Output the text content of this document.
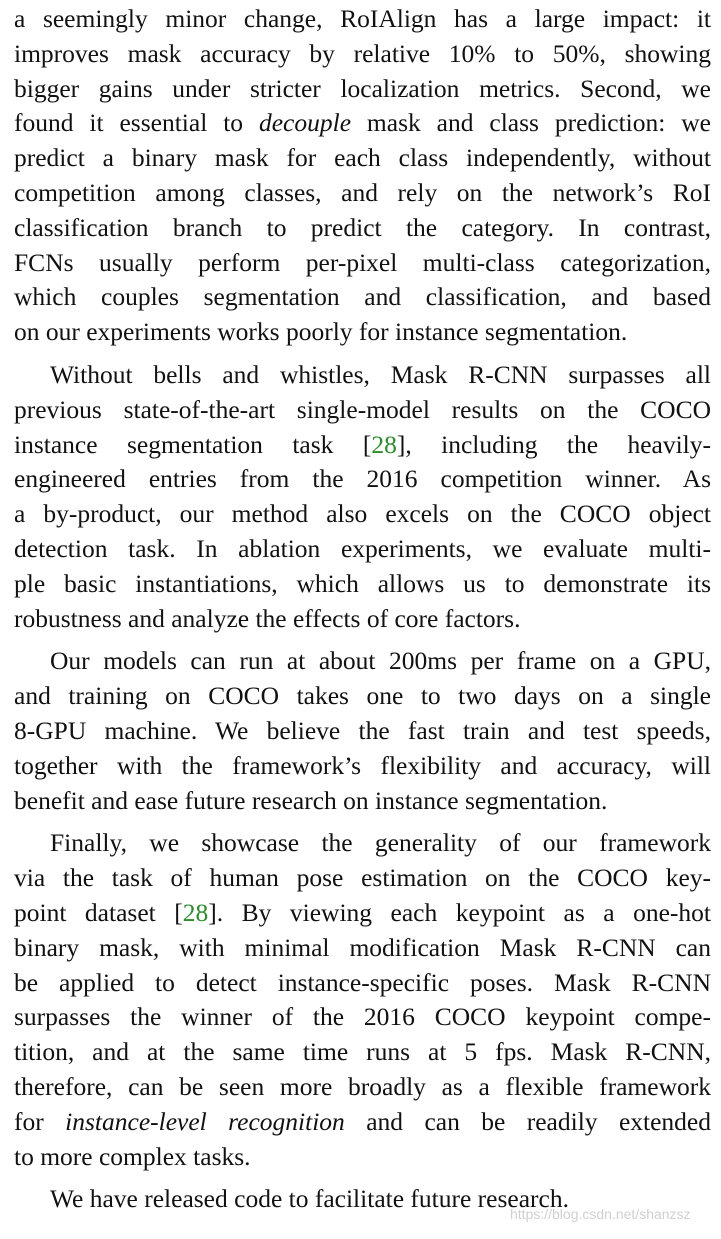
a seemingly minor change, RoIAlign has a large impact: it
improves mask accuracy by relative 10% to 50%, showing
bigger gains under stricter localization metrics. Second, we
found it essential to decouple mask and class prediction: we
predict a binary mask for each class independently, without
competition among classes, and rely on the network’s RoI
classification branch to predict the category. In contrast,
FCNs usually perform per-pixel multi-class categorization,
which couples segmentation and classification, and based
on our experiments works poorly for instance segmentation.
Without bells and whistles, Mask R-CNN surpasses all
previous state-of-the-art single-model results on the COCO
instance segmentation task [28], including the heavily-
engineered entries from the 2016 competition winner. As
a by-product, our method also excels on the COCO object
detection task. In ablation experiments, we evaluate multi-
ple basic instantiations, which allows us to demonstrate its
robustness and analyze the effects of core factors.
Our models can run at about 200ms per frame on a GPU,
and training on COCO takes one to two days on a single
8-GPU machine. We believe the fast train and test speeds,
together with the framework’s flexibility and accuracy, will
benefit and ease future research on instance segmentation.
Finally, we showcase the generality of our framework
via the task of human pose estimation on the COCO key-
point dataset [28]. By viewing each keypoint as a one-hot
binary mask, with minimal modification Mask R-CNN can
be applied to detect instance-specific poses. Mask R-CNN
surpasses the winner of the 2016 COCO keypoint compe-
tition, and at the same time runs at 5 fps. Mask R-CNN,
therefore, can be seen more broadly as a flexible framework
for instance-level recognition and can be readily extended
to more complex tasks.
We have released code to facilitate future research.
https://blog.csdn.net/shanzsz
